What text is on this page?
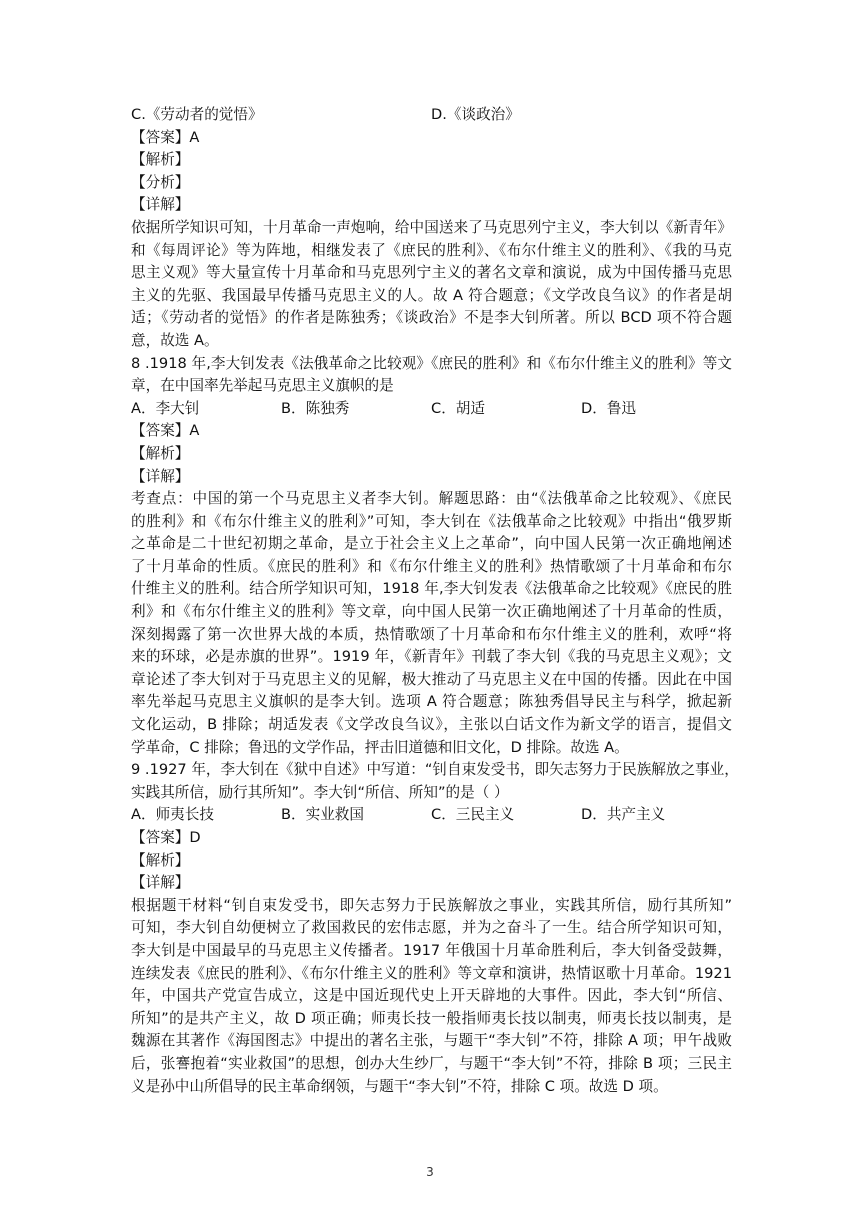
C.《劳动者的觉悟》	D.《谈政治》
【答案】A
【解析】
【分析】
【详解】
依据所学知识可知，十月革命一声炮响，给中国送来了马克思列宁主义，李大钊以《新青年》
和《每周评论》等为阵地，相继发表了《庶民的胜利》、《布尔什维主义的胜利》、《我的马克
思主义观》等大量宣传十月革命和马克思列宁主义的著名文章和演说，成为中国传播马克思
主义的先驱、我国最早传播马克思主义的人。故 A 符合题意；《文学改良刍议》的作者是胡
适；《劳动者的觉悟》的作者是陈独秀；《谈政治》不是李大钊所著。所以 BCD 项不符合题
意，故选 A。
8 .1918 年,李大钊发表《法俄革命之比较观》《庶民的胜利》和《布尔什维主义的胜利》等文
章，在中国率先举起马克思主义旗帜的是
A．李大钊	B．陈独秀	C．胡适	D．鲁迅
【答案】A
【解析】
【详解】
考查点：中国的第一个马克思主义者李大钊。解题思路：由“《法俄革命之比较观》、《庶民
的胜利》和《布尔什维主义的胜利》”可知，李大钊在《法俄革命之比较观》中指出“俄罗斯
之革命是二十世纪初期之革命，是立于社会主义上之革命”，向中国人民第一次正确地阐述
了十月革命的性质。《庶民的胜利》和《布尔什维主义的胜利》热情歌颂了十月革命和布尔
什维主义的胜利。结合所学知识可知，1918 年,李大钊发表《法俄革命之比较观》《庶民的胜
利》和《布尔什维主义的胜利》等文章，向中国人民第一次正确地阐述了十月革命的性质，
深刻揭露了第一次世界大战的本质，热情歌颂了十月革命和布尔什维主义的胜利，欢呼“将
来的环球，必是赤旗的世界”。1919 年，《新青年》刊载了李大钊《我的马克思主义观》；文
章论述了李大钊对于马克思主义的见解，极大推动了马克思主义在中国的传播。因此在中国
率先举起马克思主义旗帜的是李大钊。选项 A 符合题意；陈独秀倡导民主与科学，掀起新
文化运动，B 排除；胡适发表《文学改良刍议》，主张以白话文作为新文学的语言，提倡文
学革命，C 排除；鲁迅的文学作品，抨击旧道德和旧文化，D 排除。故选 A。
9 .1927 年，李大钊在《狱中自述》中写道：“钊自束发受书，即矢志努力于民族解放之事业，
实践其所信，励行其所知”。李大钊“所信、所知”的是（ ）
A．师夷长技	B．实业救国	C．三民主义	D．共产主义
【答案】D
【解析】
【详解】
根据题干材料“钊自束发受书，即矢志努力于民族解放之事业，实践其所信，励行其所知”
可知，李大钊自幼便树立了救国救民的宏伟志愿，并为之奋斗了一生。结合所学知识可知，
李大钊是中国最早的马克思主义传播者。1917 年俄国十月革命胜利后，李大钊备受鼓舞，
连续发表《庶民的胜利》、《布尔什维主义的胜利》等文章和演讲，热情讴歌十月革命。1921
年，中国共产党宣告成立，这是中国近现代史上开天辟地的大事件。因此，李大钊“所信、
所知”的是共产主义，故 D 项正确；师夷长技一般指师夷长技以制夷，师夷长技以制夷，是
魏源在其著作《海国图志》中提出的著名主张，与题干“李大钊”不符，排除 A 项；甲午战败
后，张謇抱着“实业救国”的思想，创办大生纱厂，与题干“李大钊”不符，排除 B 项；三民主
义是孙中山所倡导的民主革命纲领，与题干“李大钊”不符，排除 C 项。故选 D 项。
3
